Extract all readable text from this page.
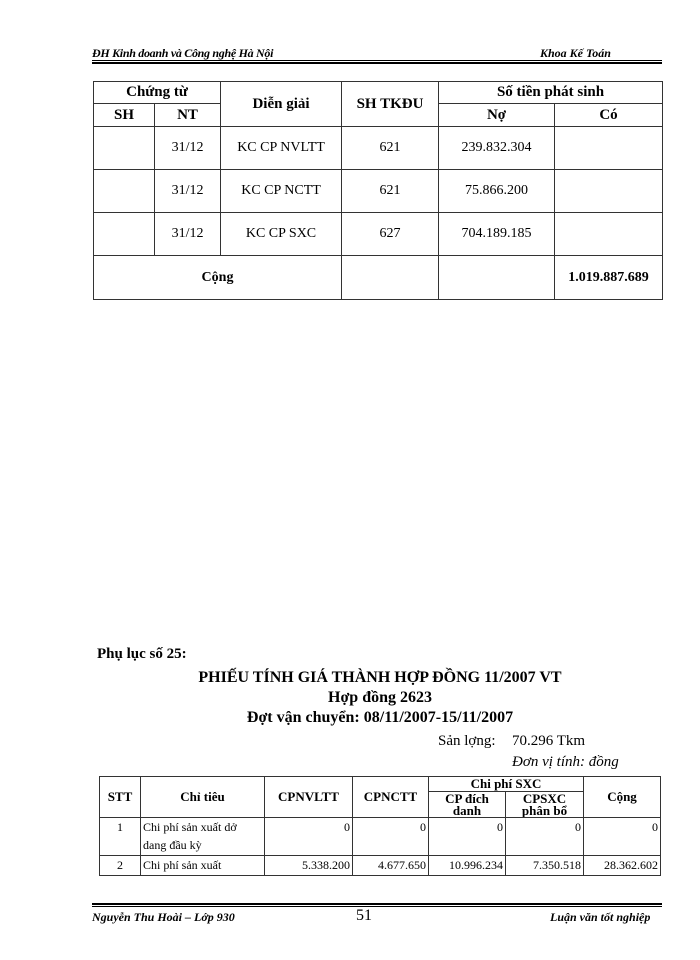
ĐH Kinh doanh và Công nghệ Hà Nội	Khoa Kế Toán
Chứng từ		Diễn giải	SH TKĐU	Số tiền phát sinh	
SH	NT			Nợ	Có
	31/12	KC CP NVLTT	621	239.832.304	
	31/12	KC CP NCTT	621	75.866.200	
	31/12	KC CP SXC	627	704.189.185	
Cộng					1.019.887.689
Phụ lục số 25:
PHIẾU TÍNH GIÁ THÀNH HỢP ĐỒNG 11/2007 VT
Hợp đồng 2623
Đợt vận chuyển: 08/11/2007-15/11/2007
Sản lợng: 70.296 Tkm
Đơn vị tính: đồng
STT	Chỉ tiêu	CPNVLTT	CPNCTT	Chi phí SXC		Cộng
				CP đích danh	CPSXC phân bổ	
1	Chi phí sản xuất dở dang đầu kỳ	0	0	0	0	0
2	Chi phí sản xuất	5.338.200	4.677.650	10.996.234	7.350.518	28.362.602
Nguyễn Thu Hoài – Lớp 930	51	Luận văn tốt nghiệp
